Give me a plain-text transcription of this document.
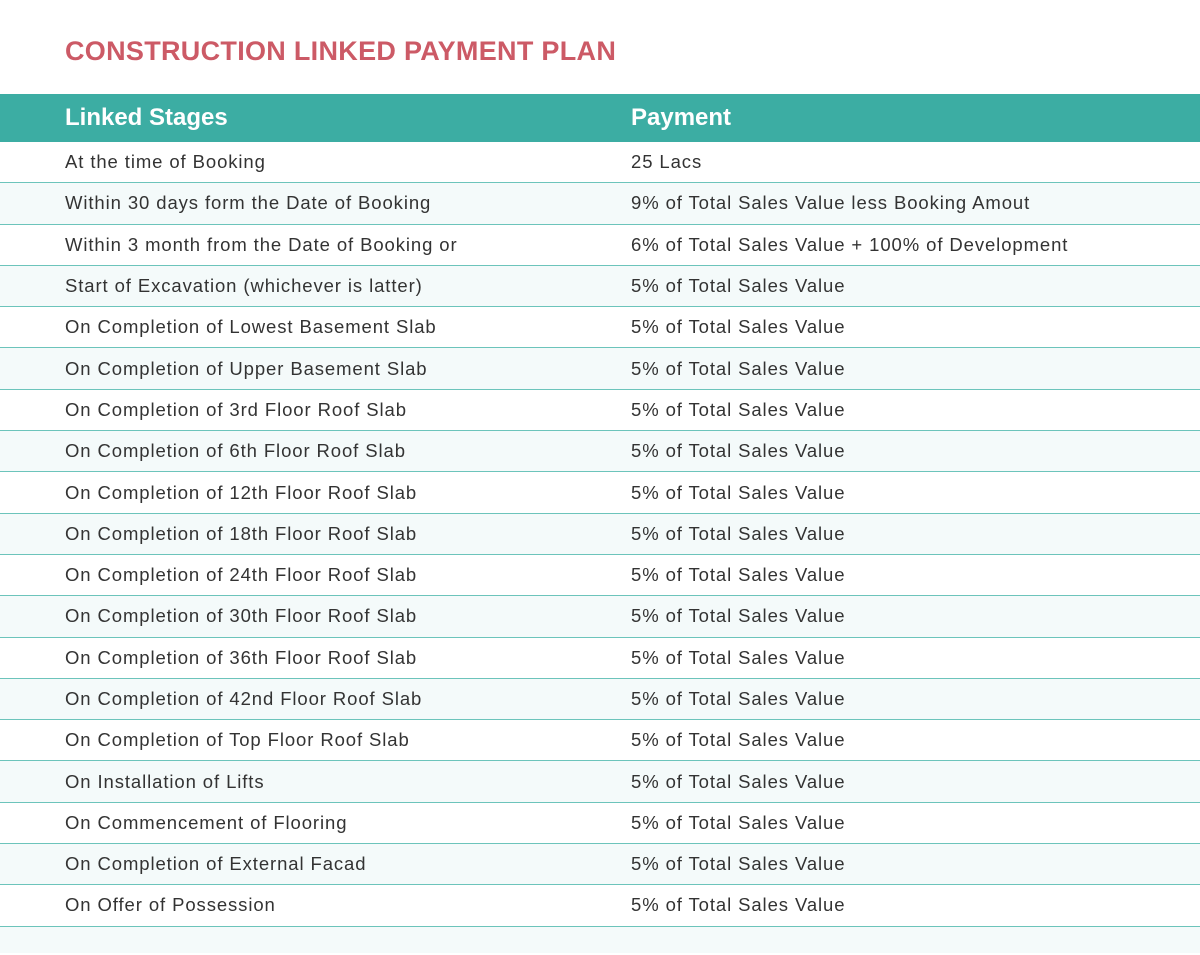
CONSTRUCTION LINKED PAYMENT PLAN
Linked Stages	Payment
At the time of Booking	25 Lacs
Within 30 days form the Date of Booking	9% of Total Sales Value less Booking Amout
Within 3 month from the Date of Booking or	6% of Total Sales Value + 100% of Development
Start of Excavation (whichever is latter)	5% of Total Sales Value
On Completion of Lowest Basement Slab	5% of Total Sales Value
On Completion of Upper Basement Slab	5% of Total Sales Value
On Completion of 3rd Floor Roof Slab	5% of Total Sales Value
On Completion of 6th Floor Roof Slab	5% of Total Sales Value
On Completion of 12th Floor Roof Slab	5% of Total Sales Value
On Completion of 18th Floor Roof Slab	5% of Total Sales Value
On Completion of 24th Floor Roof Slab	5% of Total Sales Value
On Completion of 30th Floor Roof Slab	5% of Total Sales Value
On Completion of 36th Floor Roof Slab	5% of Total Sales Value
On Completion of 42nd Floor Roof Slab	5% of Total Sales Value
On Completion of Top Floor Roof Slab	5% of Total Sales Value
On Installation of Lifts	5% of Total Sales Value
On Commencement of Flooring	5% of Total Sales Value
On Completion of External Facad	5% of Total Sales Value
On Offer of Possession	5% of Total Sales Value
